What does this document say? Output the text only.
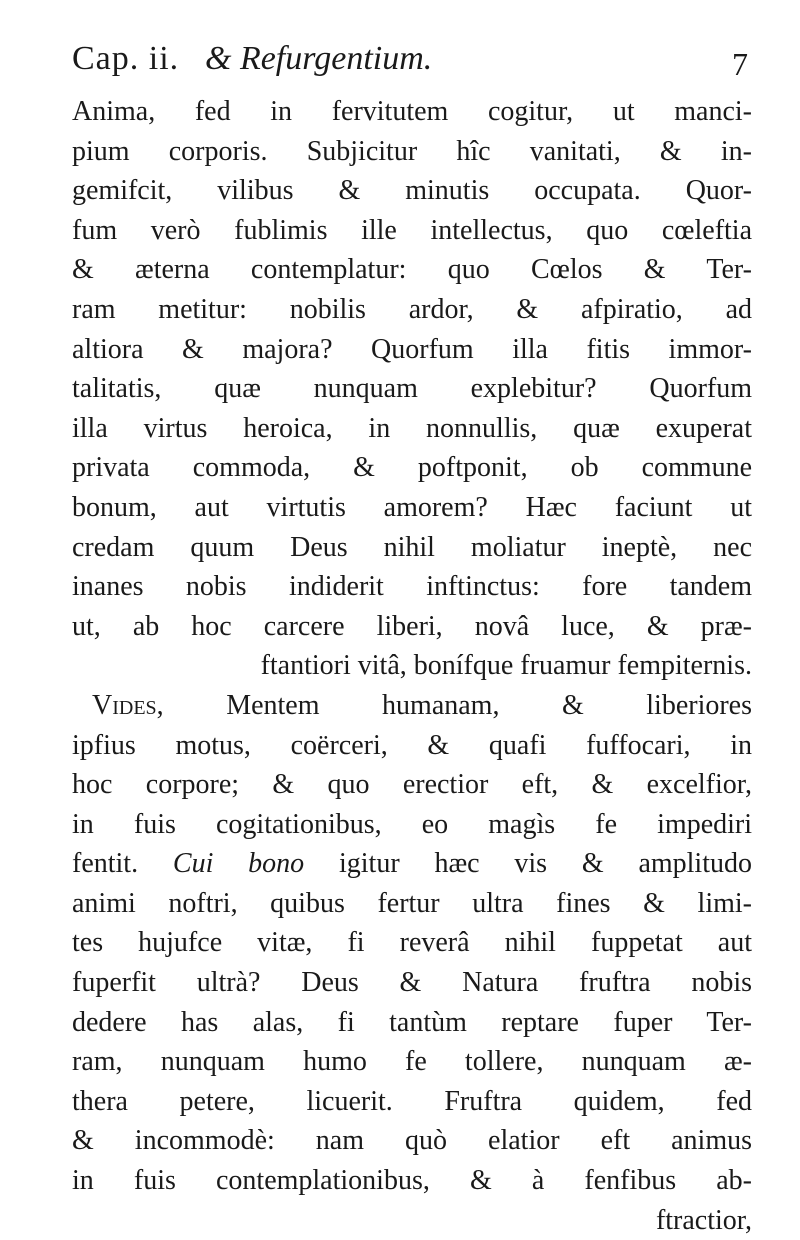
Cap. ii. & Refurgentium.	7
Anima, fed in fervitutem cogitur, ut manci-
pium corporis. Subjicitur hîc vanitati, & in-
gemifcit, vilibus & minutis occupata. Quor-
fum verò fublimis ille intellectus, quo cœleftia
& æterna contemplatur: quo Cœlos & Ter-
ram metitur: nobilis ardor, & afpiratio, ad
altiora & majora? Quorfum illa fitis immor-
talitatis, quæ nunquam explebitur? Quorfum
illa virtus heroica, in nonnullis, quæ exuperat
privata commoda, & poftponit, ob commune
bonum, aut virtutis amorem? Hæc faciunt ut
credam quum Deus nihil moliatur ineptè, nec
inanes nobis indiderit inftinctus: fore tandem
ut, ab hoc carcere liberi, novâ luce, & præ-
ftantiori vitâ, bonífque fruamur fempiternis.
Vides, Mentem humanam, & liberiores
ipfius motus, coërceri, & quafi fuffocari, in
hoc corpore; & quo erectior eft, & excelfior,
in fuis cogitationibus, eo magìs fe impediri
fentit. Cui bono igitur hæc vis & amplitudo
animi noftri, quibus fertur ultra fines & limi-
tes hujufce vitæ, fi reverâ nihil fuppetat aut
fuperfit ultrà? Deus & Natura fruftra nobis
dedere has alas, fi tantùm reptare fuper Ter-
ram, nunquam humo fe tollere, nunquam æ-
thera petere, licuerit. Fruftra quidem, fed
& incommodè: nam quò elatior eft animus
in fuis contemplationibus, & à fenfibus ab-
ftractior,
